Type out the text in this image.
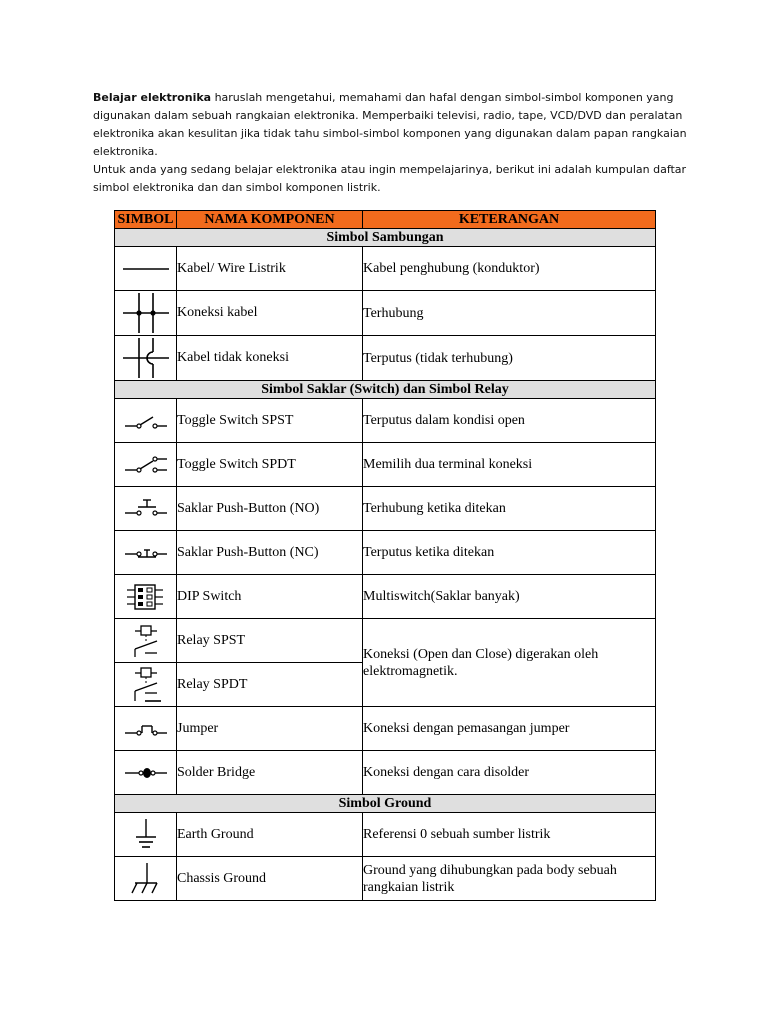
Belajar elektronika haruslah mengetahui, memahami dan hafal dengan simbol-simbol komponen yang digunakan dalam sebuah rangkaian elektronika. Memperbaiki televisi, radio, tape, VCD/DVD dan peralatan elektronika akan kesulitan jika tidak tahu simbol-simbol komponen yang digunakan dalam papan rangkaian elektronika.

Untuk anda yang sedang belajar elektronika atau ingin mempelajarinya, berikut ini adalah kumpulan daftar simbol elektronika dan dan simbol komponen listrik.

SIMBOL	NAMA KOMPONEN	KETERANGAN
Simbol Sambungan		

	Kabel/ Wire Listrik	Kabel penghubung (konduktor)

	Koneksi kabel	Terhubung

	Kabel tidak koneksi	Terputus (tidak terhubung)
Simbol Saklar (Switch) dan Simbol Relay		

	Toggle Switch SPST	Terputus dalam kondisi open

	Toggle Switch SPDT	Memilih dua terminal koneksi

	Saklar Push-Button (NO)	Terhubung ketika ditekan

	Saklar Push-Button (NC)	Terputus ketika ditekan

	DIP Switch	Multiswitch(Saklar banyak)

	Relay SPST	Koneksi (Open dan Close) digerakan oleh elektromagnetik.

	Relay SPDT	

	Jumper	Koneksi dengan pemasangan jumper

	Solder Bridge	Koneksi dengan cara disolder
Simbol Ground		

	Earth Ground	Referensi 0 sebuah sumber listrik

	Chassis Ground	Ground yang dihubungkan pada body sebuah rangkaian listrik
